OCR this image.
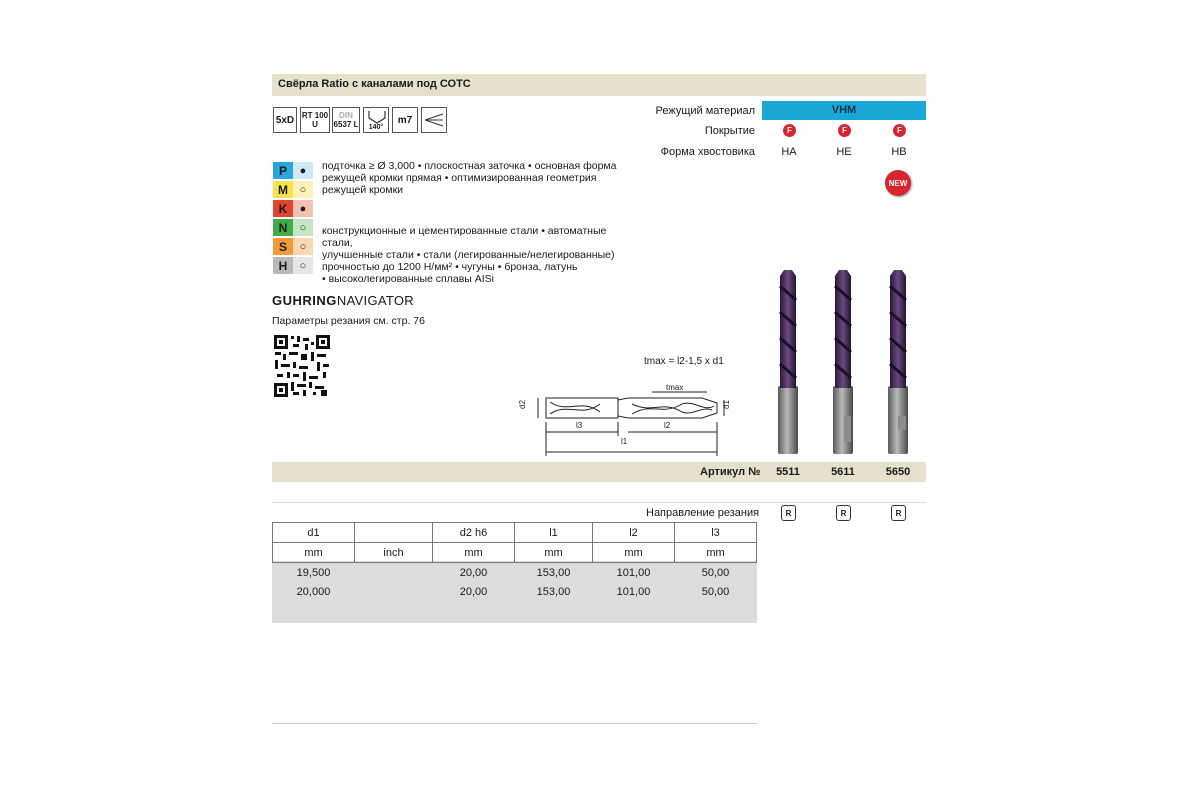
Свёрла Ratio с каналами под СОТС
5xD RT 100
U
DIN
6537 L 140°
m7
Режущий материал	VHM
Покрытие	F	F	F
Форма хвостовика	HA	HE	HB
NEW
P	●
M	○
K	●
N	○
S	○
H	○
подточка ≥ Ø 3,000 • плоскостная заточка • основная форма
режущей кромки прямая • оптимизированная геометрия
режущей кромки
конструкционные и цементированные стали • автоматные стали,
улучшенные стали • стали (легированные/нелегированные)
прочностью до 1200 Н/мм² • чугуны • бронза, латунь
• высоколегированные сплавы AISi
GUHRINGNAVIGATOR
Параметры резания см. стр. 76
tmax = l2-1,5 x d1
d2	d1
tmax
l3	l2
l1
Артикул №	5511	5611	5650
Направление резания	R	R	R
d1		d2 h6	l1	l2	l3
mm	inch	mm	mm	mm	mm
19,500		20,00	153,00	101,00	50,00
20,000		20,00	153,00	101,00	50,00
